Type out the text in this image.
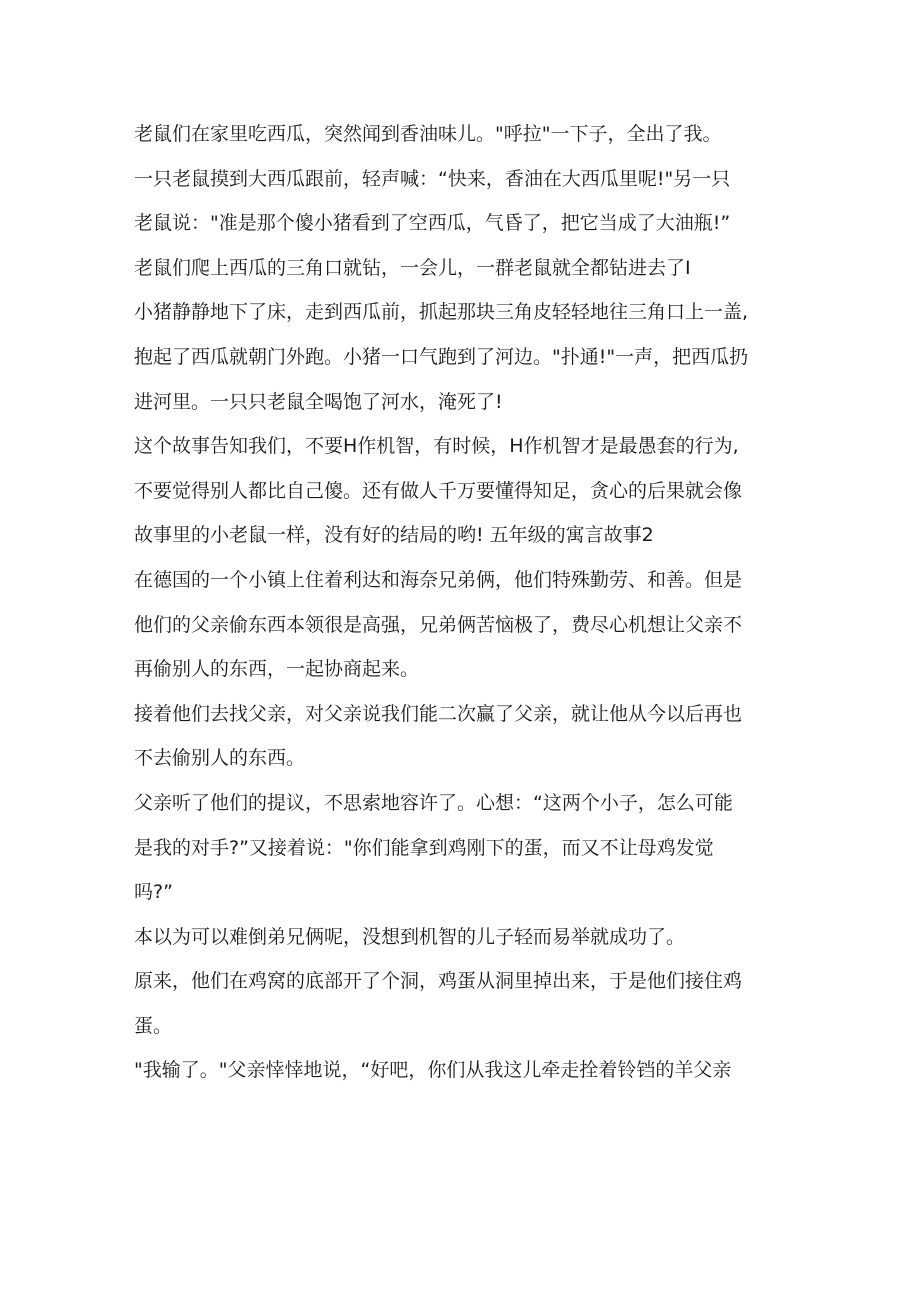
老鼠们在家里吃西瓜，突然闻到香油味儿。"呼拉"一下子，全出了我。
一只老鼠摸到大西瓜跟前，轻声喊：“快来，香油在大西瓜里呢!"另一只
老鼠说："准是那个傻小猪看到了空西瓜，气昏了，把它当成了大油瓶!”
老鼠们爬上西瓜的三角口就钻，一会儿，一群老鼠就全都钻进去了I
小猪静静地下了床，走到西瓜前，抓起那块三角皮轻轻地往三角口上一盖,
抱起了西瓜就朝门外跑。小猪一口气跑到了河边。"扑通!"一声，把西瓜扔
进河里。一只只老鼠全喝饱了河水，淹死了!
这个故事告知我们，不要H作机智，有时候，H作机智才是最愚套的行为,
不要觉得别人都比自己傻。还有做人千万要懂得知足，贪心的后果就会像
故事里的小老鼠一样，没有好的结局的哟! 五年级的寓言故事2
在德国的一个小镇上住着利达和海奈兄弟俩，他们特殊勤劳、和善。但是
他们的父亲偷东西本领很是高强，兄弟俩苦恼极了，费尽心机想让父亲不
再偷别人的东西，一起协商起来。
接着他们去找父亲，对父亲说我们能二次赢了父亲，就让他从今以后再也
不去偷别人的东西。
父亲听了他们的提议，不思索地容许了。心想：“这两个小子，怎么可能
是我的对手?”又接着说："你们能拿到鸡刚下的蛋，而又不让母鸡发觉
吗?”
本以为可以难倒弟兄俩呢，没想到机智的儿子轻而易举就成功了。
原来，他们在鸡窝的底部开了个洞，鸡蛋从洞里掉出来，于是他们接住鸡
蛋。
"我输了。"父亲悻悻地说，“好吧，你们从我这儿牵走拴着铃铛的羊父亲
